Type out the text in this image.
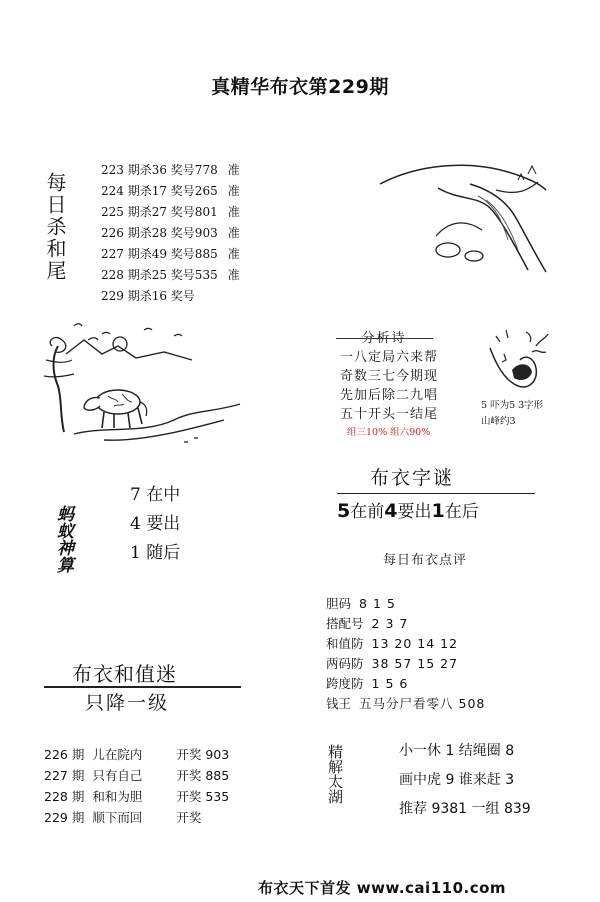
真精华布衣第229期
每日杀和尾
223 期杀36 奖号778 准
224 期杀17 奖号265 准
225 期杀27 奖号801 准
226 期杀28 奖号903 准
227 期杀49 奖号885 准
228 期杀25 奖号535 准
229 期杀16 奖号
分析诗
一八定局六来帮
奇数三七今期现
先加后除二九唱
五十开头一结尾
组三10% 组六90%
5 吓为5 3字形
山峰约3
蚂蚁神算
7 在中
4 要出
1 随后
布衣字谜
5在前4要出1在后
每日布衣点评
胆码 8 1 5
搭配号 2 3 7
和值防 13 20 14 12
两码防 38 57 15 27
跨度防 1 5 6
钱王 五马分尸看零八 508
布衣和值迷
只降一级
226 期 儿在院内	开奖 903
227 期 只有自己	开奖 885
228 期 和和为胆	开奖 535
229 期 顺下而回	开奖
精解太湖	小一休 1 结绳圈 8
画中虎 9 谁来赶 3
推荐 9381 一组 839
布衣天下首发 www.cai110.com
